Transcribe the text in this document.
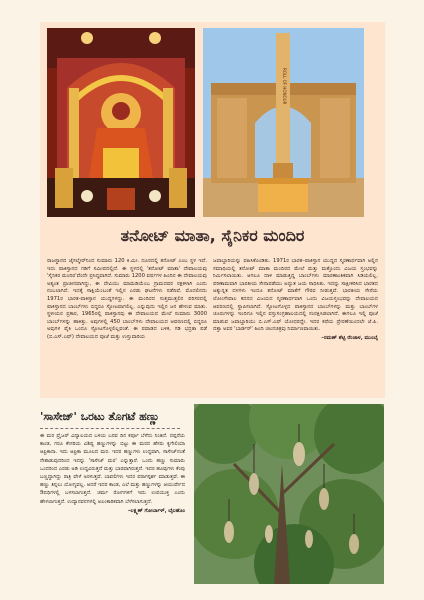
ROLL OF HONOUR
ತನೋಟ್ ಮಾತಾ, ಸೈನಿಕರ ಮಂದಿರ

ರಾಜಸ್ಥಾನದ ಜೈಸಲ್ಮೇರ್‌ನಿಂದ ಸುಮಾರು 120 ಕಿ.ಮೀ. ದೂರದಲ್ಲಿ ತನೋಟ್ ಎಂಬ ಸ್ಥಳ ಇದೆ. ಇದು ಪಾಕಿಸ್ತಾನದ ಗಡಿಗೆ ಸಮೀಪದಲ್ಲಿದೆ. ಈ ಸ್ಥಳದಲ್ಲಿ 'ತನೋಟ್ ಮಾತಾ' ದೇವಾಲಯವು 'ಸೈನಿಕರ ಮಂದಿರ'ವೆಂದೇ ಪ್ರಸಿದ್ಧವಾಗಿದೆ. ಸುಮಾರು 1200 ವರ್ಷಗಳ ಹಿಂದಿನ ಈ ದೇವಾಲಯವು ಅತ್ಯಂತ ಪ್ರಾಚೀನವಾಗಿದ್ದು, ಈ ದೇವಿಯು ಮಾಮಡಿಯೆಂಬ ಗ್ರಾಮದವರ ರಕ್ಷಕಳಾಗಿ ಎಂದು ನಂಬಲಾಗಿದೆ. ಇದಕ್ಕೆ ಸಾಕ್ಷಿಯೆಂಬಂತೆ ಇಲ್ಲಿನ ಎರಡು ಘಟನೆಗಳು ನಡೆದಿವೆ. ಮೊದಲಿನದು 1971ರ ಭಾರತ-ಪಾಕಿಸ್ತಾನ ಯುದ್ಧಗಳದ್ದು. ಈ ಮಂದಿರದ ಸುತ್ತಮುತ್ತಲಿನ ಪರಿಸರದಲ್ಲಿ ಪಾಕಿಸ್ತಾನದ ಬಾಂಬ್‌ಗಳು ಬಿದ್ದರೂ ಸ್ಫೋಟವಾಗಲಿಲ್ಲ. ಎನ್ನುವುದು ಇಲ್ಲಿನ ಜನ ಹೇಳುವ ಮಾತು. ಸ್ಥಳೀಯರ ಪ್ರಕಾರ, 1965ರಲ್ಲಿ ಪಾಕಿಸ್ತಾನವು ಈ ದೇವಾಲಯದ ಮೇಲೆ ಸುಮಾರು 3000 ಬಾಂಬ್‌ಗಳನ್ನು ಹಾಕಿತ್ತು. ಅವುಗಳಲ್ಲಿ 450 ಬಾಂಬ್‌ಗಳು ದೇವಾಲಯದ ಆವರಣದಲ್ಲಿ ಬಿದ್ದರೂ ಅವುಗಳ ಪೈಕಿ ಒಂದೂ ಸ್ಫೋಟಗೊಳ್ಳಲಿಲ್ಲವಂತೆ. ಈ ಪವಾಡದ ಬಳಿಕ, ಗಡಿ ಭದ್ರತಾ ಪಡೆ (ಬಿ.ಎಸ್.ಎಫ್) ದೇವಾಲಯದ ಪೂಜೆ ಮತ್ತು ಉಸ್ತುವಾರಿಯ

ಜವಾಬ್ದಾರಿಯನ್ನು ವಹಿಸಿಕೊಂಡಿತು. 1971ರ ಭಾರತ–ಪಾಕಿಸ್ತಾನ ಯುದ್ಧದ ಸ್ಮರಣಾರ್ಥವಾಗಿ ಅಲ್ಲಿನ ಸಮಾಧಿಯಲ್ಲಿ ತನೋಟ್ ಮಾತಾ ಮಂದಿರದ ಮೇಲೆ ಮತ್ತು ಮತ್ತೊಂದು ವಿಜಯ ಸ್ತಂಭವನ್ನು ನಿರ್ಮಿಸಲಾಯಿತು. ಆಗಲೂ ದಾಳಿ ಮಾಡುತ್ತಿದ್ದ ಬಾಂಬ್‌ಗಳು ಮಾರಣಾಂತಿಕವಾಗಿ ಸಿಡಿಯಲಿಲ್ಲ. ಪರಿಣಾಮವಾಗಿ ಭಾರತೀಯ ಸೇನಾಪಡೆಯು ಅದ್ಭುತ ಜಯ ಸಾಧಿಸಿತು. ಇದನ್ನು ಸಾಕ್ಷೀಕರಿಸಿದ ಭಾರತದ ಅತ್ಯುನ್ನತ ದಳಗಳು ಇಂದೂ ತನೋಟ್ ಮಾತೆಗೆ ಗೌರವ ನೀಡುತ್ತವೆ. ಭಾರತೀಯ ಸೇನೆಯ ಲೋಂಗೇವಾಲ ಕದನದ ವಿಜಯದ ಸ್ಮರಣಾರ್ಥವಾಗಿ ಒಂದು ವಿಜಯಸ್ತಂಭವನ್ನು ದೇವಾಲಯದ ಆವರಣದಲ್ಲಿ ಸ್ಥಾಪಿಸಲಾಗಿದೆ. ಸ್ಫೋಟಗೊಳ್ಳದ ಪಾಕಿಸ್ತಾನದ ಬಾಂಬ್‌ಗಳನ್ನು ಮತ್ತು ಬಾಂಬ್‌ಗಳ ಚೂರುಗಳನ್ನು ಇಂದಿಗೂ ಇಲ್ಲಿನ ವಸ್ತುಸಂಗ್ರಹಾಲಯದಲ್ಲಿ ಸಂರಕ್ಷಿಸಿಡಲಾಗಿದೆ. ಈಗಲೂ ಇಲ್ಲಿ ಪೂಜೆ ಮಾಡುವ ಜವಾಬ್ದಾರಿಯು ಬಿ.ಎಸ್.ಎಫ್ ಯೋಧರದ್ದೇ. ಇದರ ಕಥೆಯ ಪ್ರೇರಣೆಯಿಂದಲೇ ಜೆ.ಪಿ. ದತ್ತಾ ಅವರ 'ಬಾರ್ಡರ್' ಹಿಂದಿ ಚಲನಚಿತ್ರವು ನಿರ್ಮಾಣವಾಯಿತು.

–ರಮಣ್ ಶೆಟ್ಟಿ ರೆಂಜಾಳ, ಮುಂಬೈ

'ಸಾಸೇಜ್' ಒರಟು ತೊಗಟೆ ಹಣ್ಣು

ಈ ಮರ ಪ್ರೈಜರ್ ವಿದ್ಯಾಲಯದ ಬಳಿಯ ಬನವ ದಿನ ಕರ್ಪೂ ಬೆಳೆದು ನಿಂತಿದೆ. ದಪ್ಪನೆಯ ಕಾಂಡ, ಗರೂ ಕೇಸರಿಯ ವಿಶಿಷ್ಟ ಹಣ್ಣುಗಳನ್ನು ಬಿಟ್ಟು ಈ ಮರದ ಹೆಸರು ಕ್ಯಗೇಲಿಯಾ ಆಫ್ರಿಕಾನಾ. ಇದು ಆಫ್ರಿಕಾ ಮೂಲದ ಮರ. ಇದರ ಹಣ್ಣುಗಳು ಉದ್ದವಾಗಿ, ಸಾಸೇಜ್‌ನಂತೆ ನೇತಾಡುವುದರಿಂದ ಇದನ್ನು 'ಸಾಸೇಜ್ ಮರ' ಎನ್ನುತ್ತಾರೆ. ಒಂದು ಹಣ್ಣು ಸುಮಾರು ಒಂದರಿಂದ ಎರಡು ಅಡಿ ಉದ್ದವಿರುತ್ತದೆ ಮತ್ತು ಭಾರವಾಗಿರುತ್ತದೆ. ಇದರ ಹೂವುಗಳು ಕೆಂಪು ಬಣ್ಣದ್ದಾಗಿದ್ದು ರಾತ್ರಿ ವೇಳೆ ಅರಳುತ್ತವೆ. ಬಾವಲಿಗಳು ಇದರ ಪರಾಗಸ್ಪರ್ಶ ಮಾಡುತ್ತವೆ. ಈ ಹಣ್ಣು ತಿನ್ನಲು ಯೋಗ್ಯವಲ್ಲ. ಆದರೆ ಇದರ ಕಾಂಡ, ಎಲೆ ಮತ್ತು ಹಣ್ಣುಗಳನ್ನು ಆಯುರ್ವೇದ ಔಷಧಿಗಳಲ್ಲಿ ಬಳಸಲಾಗುತ್ತದೆ. ಚರ್ಮ ರೋಗಗಳಿಗೆ ಇದು ಉಪಯುಕ್ತ ಎಂದು ಹೇಳಲಾಗುತ್ತದೆ. ಉದ್ಯಾನವನಗಳಲ್ಲಿ ಅಲಂಕಾರಿಕವಾಗಿ ಬೆಳೆಸಲಾಗುತ್ತದೆ.

–ಲಕ್ಷ್ಮಣ್ ಗೋರ್ಬಾಳ್, ಬೈಲಹೊಂ
